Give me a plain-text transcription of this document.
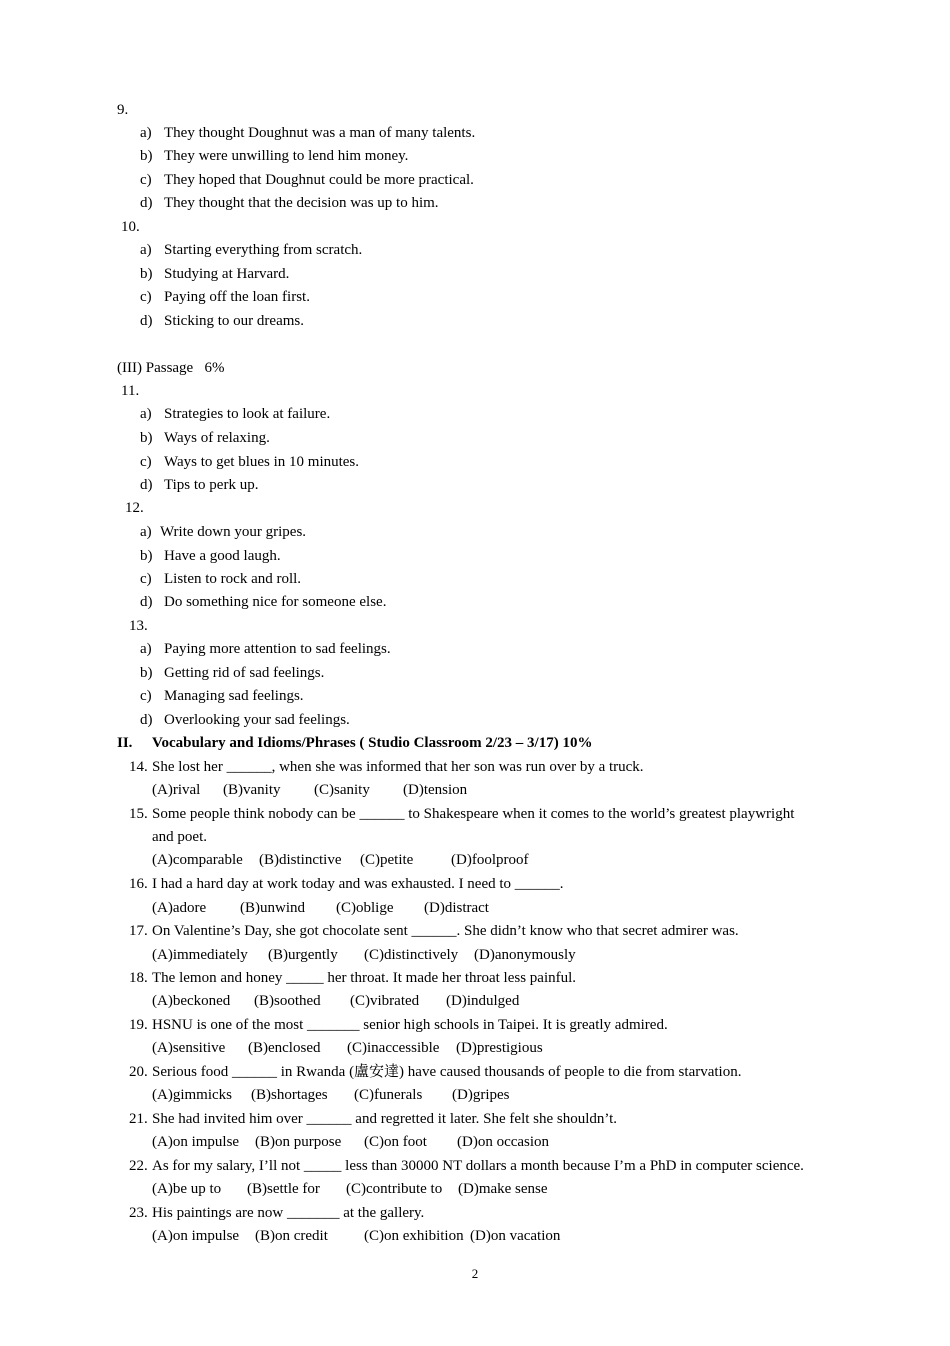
9.
a) They thought Doughnut was a man of many talents.
b) They were unwilling to lend him money.
c) They hoped that Doughnut could be more practical.
d) They thought that the decision was up to him.
10.
a) Starting everything from scratch.
b) Studying at Harvard.
c) Paying off the loan first.
d) Sticking to our dreams.
(III) Passage   6%
11.
a) Strategies to look at failure.
b) Ways of relaxing.
c) Ways to get blues in 10 minutes.
d) Tips to perk up.
12.
a) Write down your gripes.
b) Have a good laugh.
c) Listen to rock and roll.
d) Do something nice for someone else.
13.
a) Paying more attention to sad feelings.
b) Getting rid of sad feelings.
c) Managing sad feelings.
d) Overlooking your sad feelings.
II. Vocabulary and Idioms/Phrases ( Studio Classroom 2/23 – 3/17) 10%
14. She lost her ______, when she was informed that her son was run over by a truck.
(A)rival (B)vanity (C)sanity (D)tension
15. Some people think nobody can be ______ to Shakespeare when it comes to the world’s greatest playwright
and poet.
(A)comparable (B)distinctive (C)petite	(D)foolproof
16. I had a hard day at work today and was exhausted. I need to ______.
(A)adore (B)unwind (C)oblige (D)distract
17. On Valentine’s Day, she got chocolate sent ______. She didn’t know who that secret admirer was.
(A)immediately (B)urgently (C)distinctively (D)anonymously
18. The lemon and honey _____ her throat. It made her throat less painful.
(A)beckoned (B)soothed (C)vibrated (D)indulged
19. HSNU is one of the most _______ senior high schools in Taipei. It is greatly admired.
(A)sensitive (B)enclosed (C)inaccessible (D)prestigious
20. Serious food ______ in Rwanda (盧安達) have caused thousands of people to die from starvation.
(A)gimmicks (B)shortages (C)funerals (D)gripes
21. She had invited him over ______ and regretted it later. She felt she shouldn’t.
(A)on impulse (B)on purpose (C)on foot (D)on occasion
22. As for my salary, I’ll not _____ less than 30000 NT dollars a month because I’m a PhD in computer science.
(A)be up to (B)settle for (C)contribute to (D)make sense
23. His paintings are now _______ at the gallery.
(A)on impulse (B)on credit (C)on exhibition (D)on vacation
2
